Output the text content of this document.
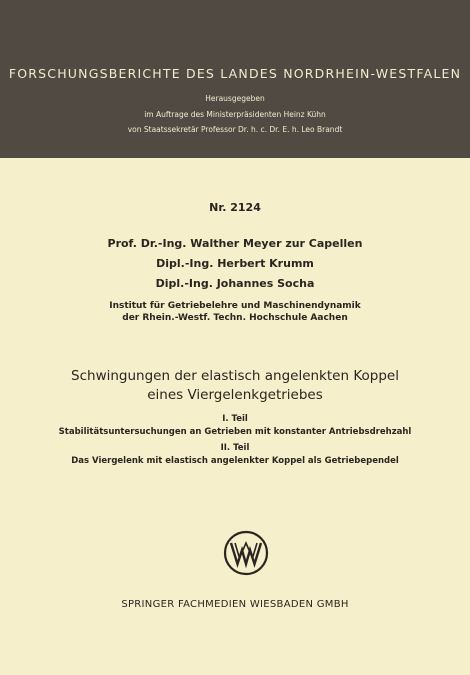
FORSCHUNGSBERICHTE DES LANDES NORDRHEIN-WESTFALEN
Herausgegeben
im Auftrage des Ministerpräsidenten Heinz Kühn
von Staatssekretär Professor Dr. h. c. Dr. E. h. Leo Brandt
Nr. 2124
Prof. Dr.-Ing. Walther Meyer zur Capellen
Dipl.-Ing. Herbert Krumm
Dipl.-Ing. Johannes Socha
Institut für Getriebelehre und Maschinendynamik
der Rhein.-Westf. Techn. Hochschule Aachen
Schwingungen der elastisch angelenkten Koppel
eines Viergelenkgetriebes
I. Teil
Stabilitätsuntersuchungen an Getrieben mit konstanter Antriebsdrehzahl
II. Teil
Das Viergelenk mit elastisch angelenkter Koppel als Getriebependel
SPRINGER FACHMEDIEN WIESBADEN GMBH
